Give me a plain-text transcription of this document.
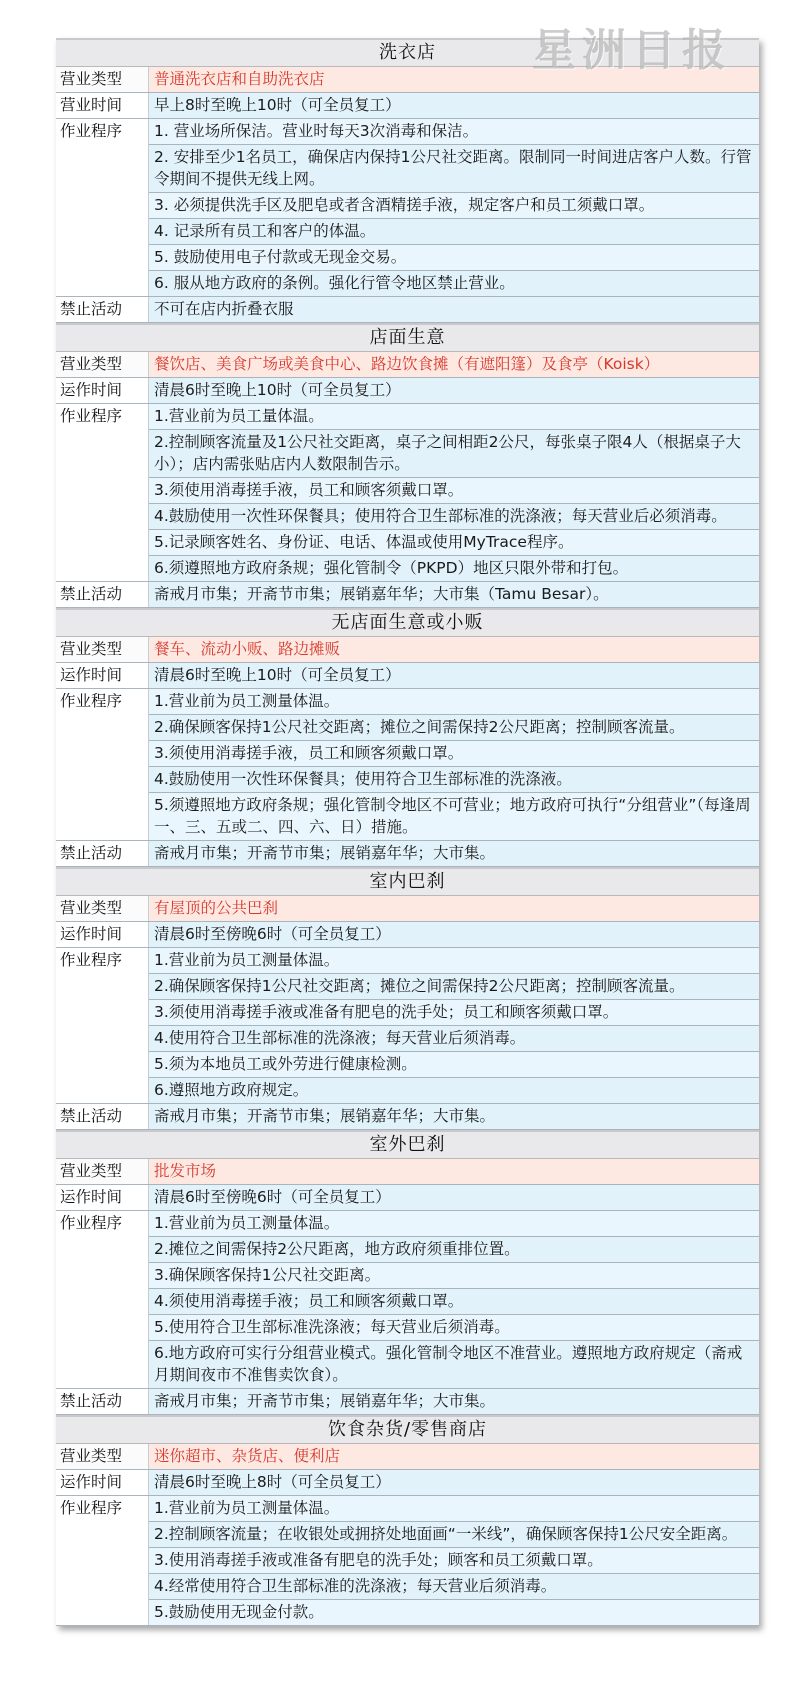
洗衣店
营业类型	普通洗衣店和自助洗衣店
营业时间	早上8时至晚上10时（可全员复工）
作业程序	1. 营业场所保洁。营业时每天3次消毒和保洁。
2. 安排至少1名员工，确保店内保持1公尺社交距离。限制同一时间进店客户人数。行管令期间不提供无线上网。
3. 必须提供洗手区及肥皂或者含酒精搓手液，规定客户和员工须戴口罩。
4. 记录所有员工和客户的体温。
5. 鼓励使用电子付款或无现金交易。
6. 服从地方政府的条例。强化行管令地区禁止营业。
禁止活动	不可在店内折叠衣服
店面生意
营业类型	餐饮店、美食广场或美食中心、路边饮食摊（有遮阳篷）及食亭（Koisk）
运作时间	清晨6时至晚上10时（可全员复工）
作业程序	1.营业前为员工量体温。
2.控制顾客流量及1公尺社交距离，桌子之间相距2公尺，每张桌子限4人（根据桌子大小）；店内需张贴店内人数限制告示。
3.须使用消毒搓手液，员工和顾客须戴口罩。
4.鼓励使用一次性环保餐具；使用符合卫生部标准的洗涤液；每天营业后必须消毒。
5.记录顾客姓名、身份证、电话、体温或使用MyTrace程序。
6.须遵照地方政府条规；强化管制令（PKPD）地区只限外带和打包。
禁止活动	斋戒月市集；开斋节市集；展销嘉年华；大市集（Tamu Besar）。
无店面生意或小贩
营业类型	餐车、流动小贩、路边摊贩
运作时间	清晨6时至晚上10时（可全员复工）
作业程序	1.营业前为员工测量体温。
2.确保顾客保持1公尺社交距离；摊位之间需保持2公尺距离；控制顾客流量。
3.须使用消毒搓手液，员工和顾客须戴口罩。
4.鼓励使用一次性环保餐具；使用符合卫生部标准的洗涤液。
5.须遵照地方政府条规；强化管制令地区不可营业；地方政府可执行“分组营业”（每逢周一、三、五或二、四、六、日）措施。
禁止活动	斋戒月市集；开斋节市集；展销嘉年华；大市集。
室内巴刹
营业类型	有屋顶的公共巴刹
运作时间	清晨6时至傍晚6时（可全员复工）
作业程序	1.营业前为员工测量体温。
2.确保顾客保持1公尺社交距离；摊位之间需保持2公尺距离；控制顾客流量。
3.须使用消毒搓手液或准备有肥皂的洗手处；员工和顾客须戴口罩。
4.使用符合卫生部标准的洗涤液；每天营业后须消毒。
5.须为本地员工或外劳进行健康检测。
6.遵照地方政府规定。
禁止活动	斋戒月市集；开斋节市集；展销嘉年华；大市集。
室外巴刹
营业类型	批发市场
运作时间	清晨6时至傍晚6时（可全员复工）
作业程序	1.营业前为员工测量体温。
2.摊位之间需保持2公尺距离，地方政府须重排位置。
3.确保顾客保持1公尺社交距离。
4.须使用消毒搓手液；员工和顾客须戴口罩。
5.使用符合卫生部标准洗涤液；每天营业后须消毒。
6.地方政府可实行分组营业模式。强化管制令地区不准营业。遵照地方政府规定（斋戒月期间夜市不准售卖饮食）。
禁止活动	斋戒月市集；开斋节市集；展销嘉年华；大市集。
饮食杂货/零售商店
营业类型	迷你超市、杂货店、便利店
运作时间	清晨6时至晚上8时（可全员复工）
作业程序	1.营业前为员工测量体温。
2.控制顾客流量；在收银处或拥挤处地面画“一米线”，确保顾客保持1公尺安全距离。
3.使用消毒搓手液或准备有肥皂的洗手处；顾客和员工须戴口罩。
4.经常使用符合卫生部标准的洗涤液；每天营业后须消毒。
5.鼓励使用无现金付款。
星洲日报
